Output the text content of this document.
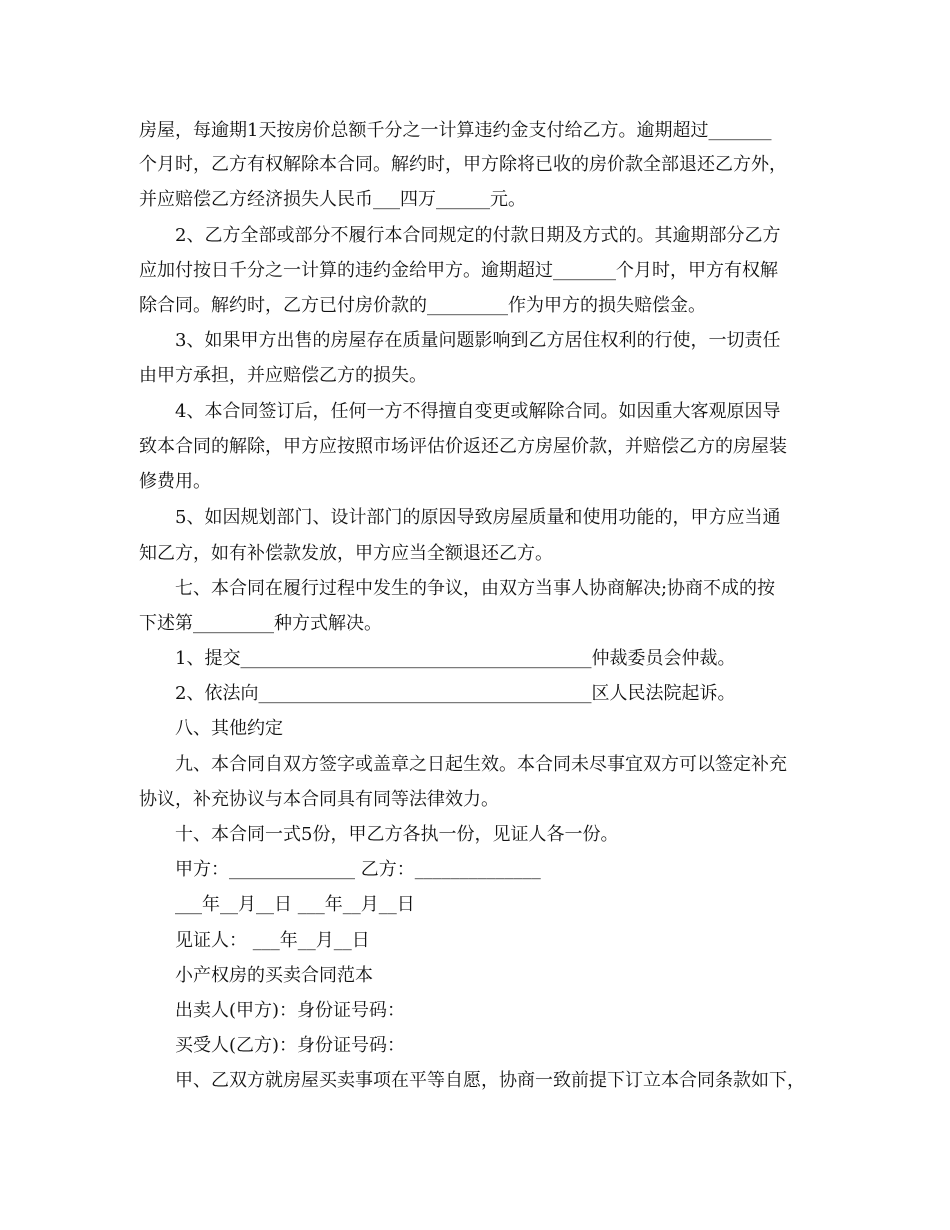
房屋，每逾期1天按房价总额千分之一计算违约金支付给乙方。逾期超过_______
个月时，乙方有权解除本合同。解约时，甲方除将已收的房价款全部退还乙方外，
并应赔偿乙方经济损失人民币___四万______元。
2、乙方全部或部分不履行本合同规定的付款日期及方式的。其逾期部分乙方
应加付按日千分之一计算的违约金给甲方。逾期超过_______个月时，甲方有权解
除合同。解约时，乙方已付房价款的_________作为甲方的损失赔偿金。
3、如果甲方出售的房屋存在质量问题影响到乙方居住权利的行使，一切责任
由甲方承担，并应赔偿乙方的损失。
4、本合同签订后，任何一方不得擅自变更或解除合同。如因重大客观原因导
致本合同的解除，甲方应按照市场评估价返还乙方房屋价款，并赔偿乙方的房屋装
修费用。
5、如因规划部门、设计部门的原因导致房屋质量和使用功能的，甲方应当通
知乙方，如有补偿款发放，甲方应当全额退还乙方。
七、本合同在履行过程中发生的争议，由双方当事人协商解决;协商不成的按
下述第_________种方式解决。
1、提交_______________________________________仲裁委员会仲裁。
2、依法向_____________________________________区人民法院起诉。
八、其他约定
九、本合同自双方签字或盖章之日起生效。本合同未尽事宜双方可以签定补充
协议，补充协议与本合同具有同等法律效力。
十、本合同一式5份，甲乙方各执一份，见证人各一份。
甲方：______________ 乙方：______________
___年__月__日 ___年__月__日
见证人： ___年__月__日
小产权房的买卖合同范本
出卖人(甲方)：身份证号码：
买受人(乙方)：身份证号码：
甲、乙双方就房屋买卖事项在平等自愿，协商一致前提下订立本合同条款如下，
